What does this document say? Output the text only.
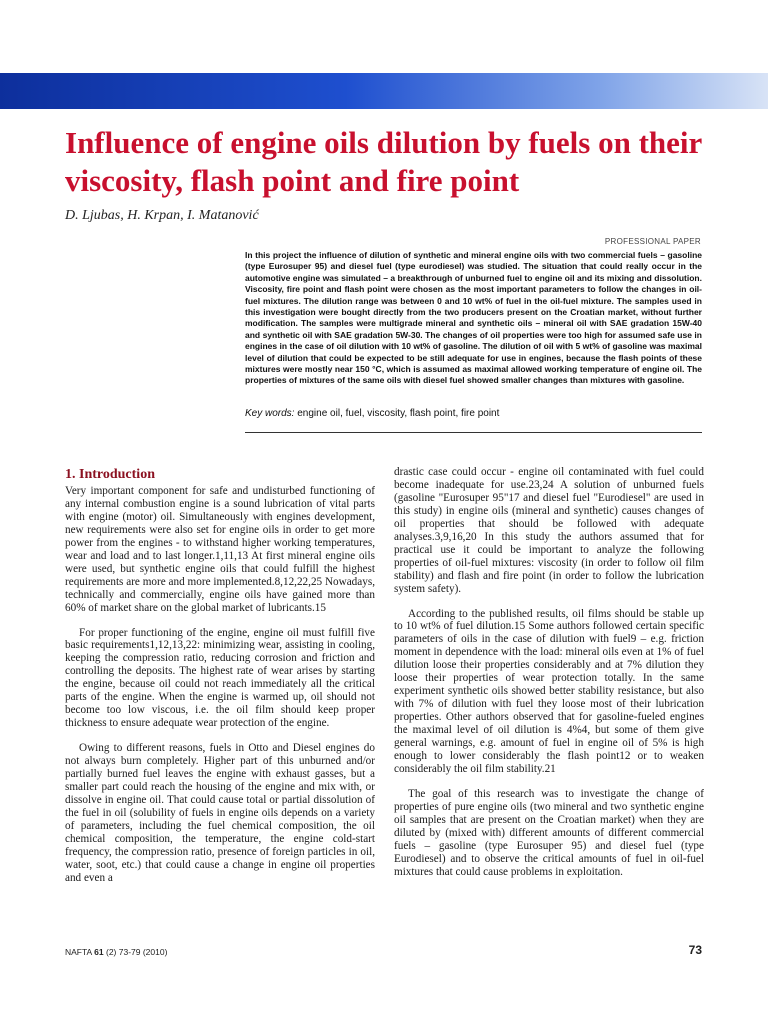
Influence of engine oils dilution by fuels on their viscosity, flash point and fire point
D. Ljubas, H. Krpan, I. Matanović
PROFESSIONAL PAPER

In this project the influence of dilution of synthetic and mineral engine oils with two commercial fuels – gasoline (type Eurosuper 95) and diesel fuel (type eurodiesel) was studied. The situation that could really occur in the automotive engine was simulated – a breakthrough of unburned fuel to engine oil and its mixing and dissolution. Viscosity, fire point and flash point were chosen as the most important parameters to follow the changes in oil-fuel mixtures. The dilution range was between 0 and 10 wt% of fuel in the oil-fuel mixture. The samples used in this investigation were bought directly from the two producers present on the Croatian market, without further modification. The samples were multigrade mineral and synthetic oils – mineral oil with SAE gradation 15W-40 and synthetic oil with SAE gradation 5W-30. The changes of oil properties were too high for assumed safe use in engines in the case of oil dilution with 10 wt% of gasoline. The dilution of oil with 5 wt% of gasoline was maximal level of dilution that could be expected to be still adequate for use in engines, because the flash points of these mixtures were mostly near 150 °C, which is assumed as maximal allowed working temperature of engine oil. The properties of mixtures of the same oils with diesel fuel showed smaller changes than mixtures with gasoline.

Key words: engine oil, fuel, viscosity, flash point, fire point
1. Introduction

Very important component for safe and undisturbed functioning of any internal combustion engine is a sound lubrication of vital parts with engine (motor) oil. Simultaneously with engines development, new requirements were also set for engine oils in order to get more power from the engines - to withstand higher working temperatures, wear and load and to last longer.1,11,13 At first mineral engine oils were used, but synthetic engine oils that could fulfill the highest requirements are more and more implemented.8,12,22,25 Nowadays, technically and commercially, engine oils have gained more than 60% of market share on the global market of lubricants.15

For proper functioning of the engine, engine oil must fulfill five basic requirements1,12,13,22: minimizing wear, assisting in cooling, keeping the compression ratio, reducing corrosion and friction and controlling the deposits. The highest rate of wear arises by starting the engine, because oil could not reach immediately all the critical parts of the engine. When the engine is warmed up, oil should not become too low viscous, i.e. the oil film should keep proper thickness to ensure adequate wear protection of the engine.

Owing to different reasons, fuels in Otto and Diesel engines do not always burn completely. Higher part of this unburned and/or partially burned fuel leaves the engine with exhaust gasses, but a smaller part could reach the housing of the engine and mix with, or dissolve in engine oil. That could cause total or partial dissolution of the fuel in oil (solubility of fuels in engine oils depends on a variety of parameters, including the fuel chemical composition, the oil chemical composition, the temperature, the engine cold-start frequency, the compression ratio, presence of foreign particles in oil, water, soot, etc.) that could cause a change in engine oil properties and even a

drastic case could occur - engine oil contaminated with fuel could become inadequate for use.23,24 A solution of unburned fuels (gasoline "Eurosuper 95"17 and diesel fuel "Eurodiesel" are used in this study) in engine oils (mineral and synthetic) causes changes of oil properties that should be followed with adequate analyses.3,9,16,20 In this study the authors assumed that for practical use it could be important to analyze the following properties of oil-fuel mixtures: viscosity (in order to follow oil film stability) and flash and fire point (in order to follow the lubrication system safety).

According to the published results, oil films should be stable up to 10 wt% of fuel dilution.15 Some authors followed certain specific parameters of oils in the case of dilution with fuel9 – e.g. friction moment in dependence with the load: mineral oils even at 1% of fuel dilution loose their properties considerably and at 7% dilution they loose their properties of wear protection totally. In the same experiment synthetic oils showed better stability resistance, but also with 7% of dilution with fuel they loose most of their lubrication properties. Other authors observed that for gasoline-fueled engines the maximal level of oil dilution is 4%4, but some of them give general warnings, e.g. amount of fuel in engine oil of 5% is high enough to lower considerably the flash point12 or to weaken considerably the oil film stability.21

The goal of this research was to investigate the change of properties of pure engine oils (two mineral and two synthetic engine oil samples that are present on the Croatian market) when they are diluted by (mixed with) different amounts of different commercial fuels – gasoline (type Eurosuper 95) and diesel fuel (type Eurodiesel) and to observe the critical amounts of fuel in oil-fuel mixtures that could cause problems in exploitation.

NAFTA 61 (2) 73-79 (2010)	73
